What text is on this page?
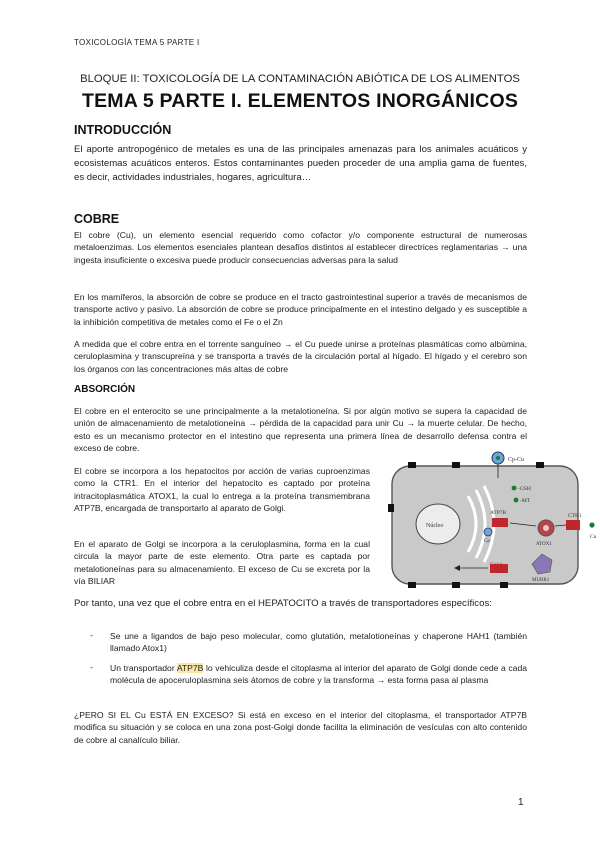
TOXICOLOGÍA TEMA 5 PARTE I
BLOQUE II: TOXICOLOGÍA DE LA CONTAMINACIÓN ABIÓTICA DE LOS ALIMENTOS
TEMA 5 PARTE I. ELEMENTOS INORGÁNICOS
INTRODUCCIÓN
El aporte antropogénico de metales es una de las principales amenazas para los animales acuáticos y ecosistemas acuáticos enteros. Estos contaminantes pueden proceder de una amplia gama de fuentes, es decir, actividades industriales, hogares, agricultura…
COBRE
El cobre (Cu), un elemento esencial requerido como cofactor y/o componente estructural de numerosas metaloenzimas. Los elementos esenciales plantean desafíos distintos al establecer directrices reglamentarias → una ingesta insuficiente o excesiva puede producir consecuencias adversas para la salud
En los mamíferos, la absorción de cobre se produce en el tracto gastrointestinal superior a través de mecanismos de transporte activo y pasivo. La absorción de cobre se produce principalmente en el intestino delgado y es susceptible a la inhibición competitiva de metales como el Fe o el Zn
A medida que el cobre entra en el torrente sanguíneo → el Cu puede unirse a proteínas plasmáticas como albúmina, ceruloplasmina y transcupreína y se transporta a través de la circulación portal al hígado. El hígado y el cerebro son los órganos con las concentraciones más altas de cobre
ABSORCIÓN
El cobre en el enterocito se une principalmente a la metalotioneína. Si por algún motivo se supera la capacidad de unión de almacenamiento de metalotioneína → pérdida de la capacidad para unir Cu → la muerte celular. De hecho, esto es un mecanismo protector en el intestino que representa una primera línea de desarrollo defensa contra el exceso de cobre.
El cobre se incorpora a los hepatocitos por acción de varias cuproenzimas como la CTR1. En el interior del hepatocito es captado por proteína intracitoplasmática ATOX1, la cual lo entrega a la proteína transmembrana ATP7B, encargada de transportarlo al aparato de Golgi.
En el aparato de Golgi se incorpora a la ceruloplasmina, forma en la cual circula la mayor parte de este elemento. Otra parte es captada por metalotioneínas para su almacenamiento. El exceso de Cu se excreta por la vía BILIAR
Cp-Cu
Núcleo
-GSH
-MT
ATP7B
Cp
ATOX1
CTR1
Cu
MURR1
Por tanto, una vez que el cobre entra en el HEPATOCITO a través de transportadores específicos:
- Se une a ligandos de bajo peso molecular, como glutatión, metalotioneínas y chaperone HAH1 (también llamado Atox1)
- Un transportador ATP7B lo vehiculiza desde el citoplasma al interior del aparato de Golgi donde cede a cada molécula de apoceruloplasmina seis átomos de cobre y la transforma → esta forma pasa al plasma
¿PERO SI EL Cu ESTÁ EN EXCESO? Si está en exceso en el interior del citoplasma, el transportador ATP7B modifica su situación y se coloca en una zona post-Golgi donde facilita la eliminación de vesículas con alto contenido de cobre al canalículo biliar.
1
